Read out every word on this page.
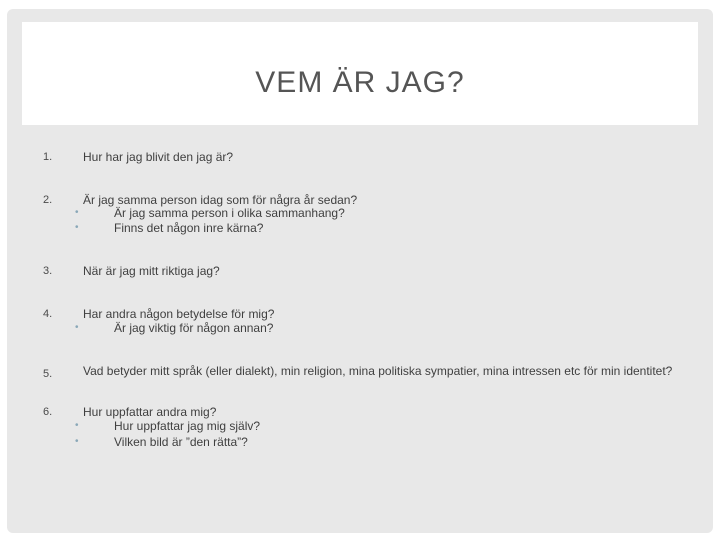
VEM ÄR JAG?
1.	Hur har jag blivit den jag är?
2.	Är jag samma person idag som för några år sedan?
•	Är jag samma person i olika sammanhang?
•	Finns det någon inre kärna?
3.	När är jag mitt riktiga jag?
4.	Har andra någon betydelse för mig?
•	Är jag viktig för någon annan?
5.	Vad betyder mitt språk (eller dialekt), min religion, mina politiska sympatier, mina intressen etc för min identitet?
6.	Hur uppfattar andra mig?
•	Hur uppfattar jag mig själv?
•	Vilken bild är ”den rätta”?
